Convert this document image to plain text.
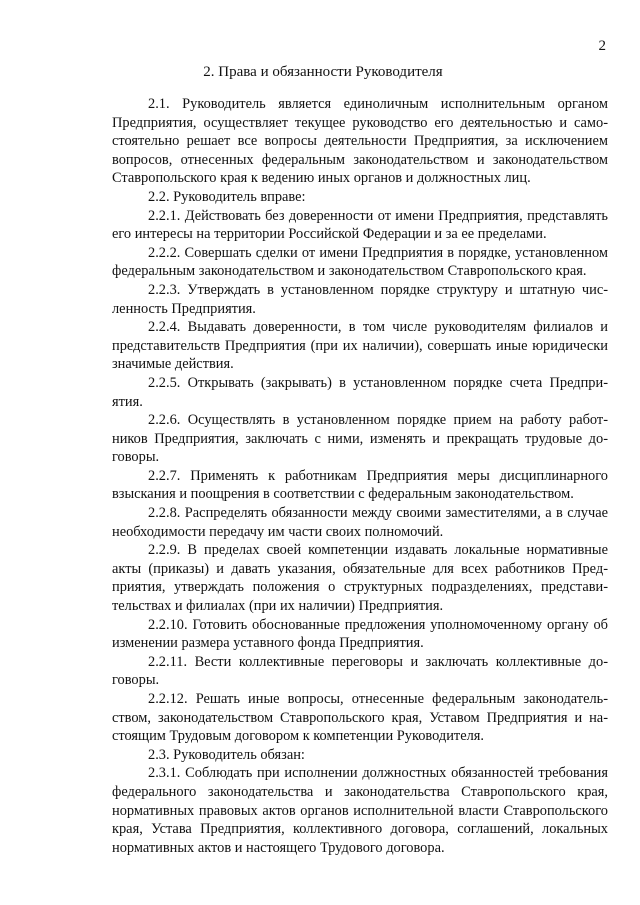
2
2. Права и обязанности Руководителя

2.1. Руководитель является единоличным исполнительным органом Предприятия, осуществляет текущее руководство его деятельностью и самостоятельно решает все вопросы деятельности Предприятия, за исключением вопросов, отнесенных федеральным законодательством и законодательством Ставропольского края к ведению иных органов и должностных лиц.

2.2. Руководитель вправе:

2.2.1. Действовать без доверенности от имени Предприятия, представлять его интересы на территории Российской Федерации и за ее пределами.

2.2.2. Совершать сделки от имени Предприятия в порядке, установленном федеральным законодательством и законодательством Ставропольского края.

2.2.3. Утверждать в установленном порядке структуру и штатную численность Предприятия.

2.2.4. Выдавать доверенности, в том числе руководителям филиалов и представительств Предприятия (при их наличии), совершать иные юридически значимые действия.

2.2.5. Открывать (закрывать) в установленном порядке счета Предприятия.

2.2.6. Осуществлять в установленном порядке прием на работу работников Предприятия, заключать с ними, изменять и прекращать трудовые договоры.

2.2.7. Применять к работникам Предприятия меры дисциплинарного взыскания и поощрения в соответствии с федеральным законодательством.

2.2.8. Распределять обязанности между своими заместителями, а в случае необходимости передачу им части своих полномочий.

2.2.9. В пределах своей компетенции издавать локальные нормативные акты (приказы) и давать указания, обязательные для всех работников Предприятия, утверждать положения о структурных подразделениях, представительствах и филиалах (при их наличии) Предприятия.

2.2.10. Готовить обоснованные предложения уполномоченному органу об изменении размера уставного фонда Предприятия.

2.2.11. Вести коллективные переговоры и заключать коллективные договоры.

2.2.12. Решать иные вопросы, отнесенные федеральным законодательством, законодательством Ставропольского края, Уставом Предприятия и настоящим Трудовым договором к компетенции Руководителя.

2.3. Руководитель обязан:

2.3.1. Соблюдать при исполнении должностных обязанностей требования федерального законодательства и законодательства Ставропольского края, нормативных правовых актов органов исполнительной власти Ставропольского края, Устава Предприятия, коллективного договора, соглашений, локальных нормативных актов и настоящего Трудового договора.
